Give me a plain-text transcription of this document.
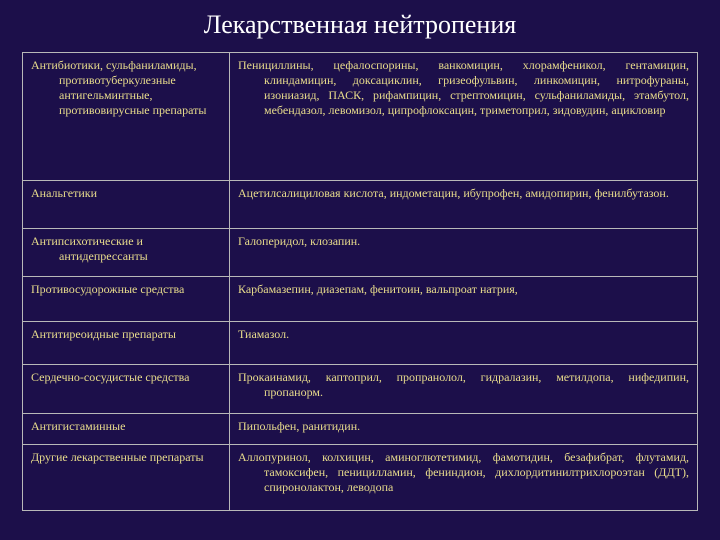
Лекарственная нейтропения
Антибиотики, сульфаниламиды, противотуберкулезные антигельминтные, противовирусные препараты	Пенициллины, цефалоспорины, ванкомицин, хлорамфеникол, гентамицин, клиндамицин, доксациклин, гризеофульвин, линкомицин, нитрофураны, изониазид, ПАСК, рифампицин, стрептомицин, сульфаниламиды, этамбутол, мебендазол, левомизол, ципрофлоксацин, триметоприл, зидовудин, ацикловир

Анальгетики	Ацетилсалициловая кислота, индометацин, ибупрофен, амидопирин, фенилбутазон.

Антипсихотические и антидепрессанты	Галоперидол, клозапин.

Противосудорожные средства	Карбамазепин, диазепам, фенитоин, вальпроат натрия,

Антитиреоидные препараты	Тиамазол.

Сердечно-сосудистые средства	Прокаинамид, каптоприл, пропранолол, гидралазин, метилдопа, нифедипин, пропанорм.

Антигистаминные	Пипольфен, ранитидин.

Другие лекарственные препараты	Аллопуринол, колхицин, аминоглютетимид, фамотидин, безафибрат, флутамид, тамоксифен, пеницилламин, фениндион, дихлордитинилтрихлороэтан (ДДТ), спиронолактон, леводопа
